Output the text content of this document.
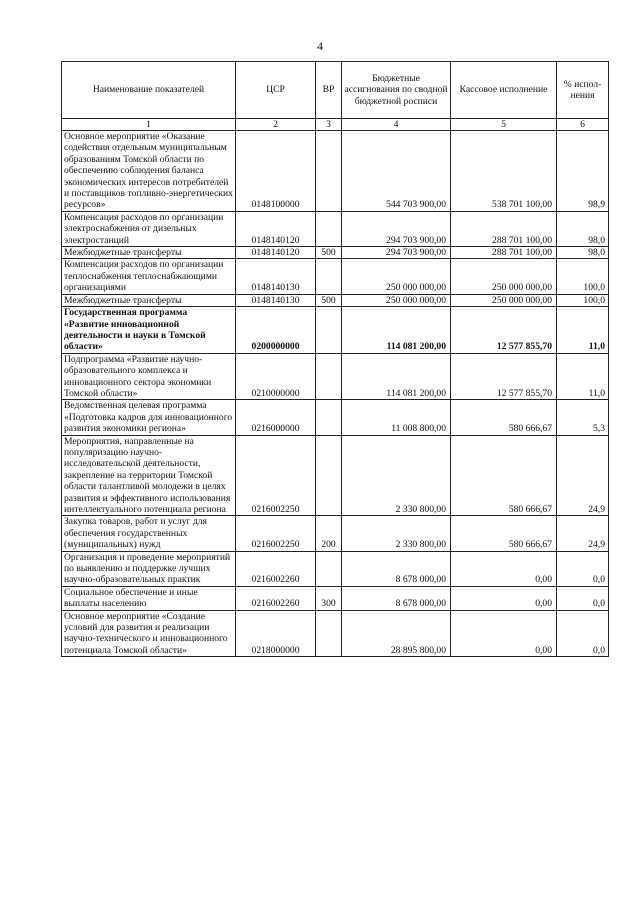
4
Наименование показателей	ЦСР	ВР	Бюджетные ассигнования по сводной бюджетной росписи	Кассовое исполнение	% испол-нения
1	2	3	4	5	6
Основное мероприятие «Оказание содействия отдельным муниципальным образованиям Томской области по обеспечению соблюдения баланса экономических интересов потребителей и поставщиков топливно-энергетических ресурсов»	0148100000		544 703 900,00	538 701 100,00	98,9
Компенсация расходов по организации электроснабжения от дизельных электростанций	0148140120		294 703 900,00	288 701 100,00	98,0
Межбюджетные трансферты	0148140120	500	294 703 900,00	288 701 100,00	98,0
Компенсация расходов по организации теплоснабжения теплоснабжающими организациями	0148140130		250 000 000,00	250 000 000,00	100,0
Межбюджетные трансферты	0148140130	500	250 000 000,00	250 000 000,00	100,0
Государственная программа «Развитие инновационной деятельности и науки в Томской области»	0200000000		114 081 200,00	12 577 855,70	11,0
Подпрограмма «Развитие научно-образовательного комплекса и инновационного сектора экономики Томской области»	0210000000		114 081 200,00	12 577 855,70	11,0
Ведомственная целевая программа «Подготовка кадров для инновационного развития экономики региона»	0216000000		11 008 800,00	580 666,67	5,3
Мероприятия, направленные на популяризацию научно-исследовательской деятельности, закрепление на территории Томской области талантливой молодежи в целях развития и эффективного использования интеллектуального потенциала региона	0216002250		2 330 800,00	580 666,67	24,9
Закупка товаров, работ и услуг для обеспечения государственных (муниципальных) нужд	0216002250	200	2 330 800,00	580 666,67	24,9
Организация и проведение мероприятий по выявлению и поддержке лучших научно-образовательных практик	0216002260		8 678 000,00	0,00	0,0
Социальное обеспечение и иные выплаты населению	0216002260	300	8 678 000,00	0,00	0,0
Основное мероприятие «Создание условий для развития и реализации научно-технического и инновационного потенциала Томской области»	0218000000		28 895 800,00	0,00	0,0
